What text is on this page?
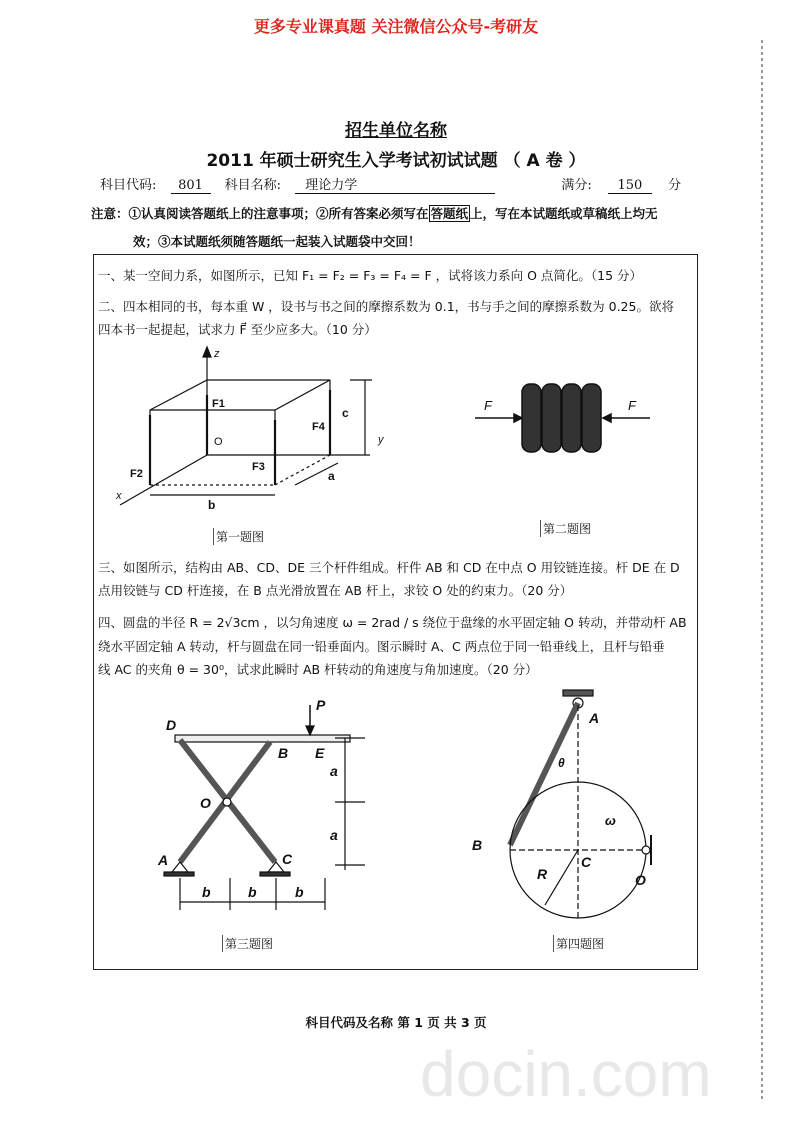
更多专业课真题 关注微信公众号-考研友
docin.com
招生单位名称
2011 年硕士研究生入学考试初试试题 （ A 卷 ）
科目代码: 801 科目名称: 理论力学	满分: 150 分
注意：①认真阅读答题纸上的注意事项；②所有答案必须写在 答题纸 上，写在本试题纸或草稿纸上均无
效；③本试题纸须随答题纸一起装入试题袋中交回！
一、某一空间力系，如图所示，已知 F₁ = F₂ = F₃ = F₄ = F ，试将该力系向 O 点简化。（15 分）
二、四本相同的书，每本重 W ，设书与书之间的摩擦系数为 0.1，书与手之间的摩擦系数为 0.25。欲将
四本书一起提起，试求力 F⃗ 至少应多大。（10 分）
z
F1
c
F4
O	y
F2
F3
a
x
b
第一题图
F	F
第二题图
三、如图所示，结构由 AB、CD、DE 三个杆件组成。杆件 AB 和 CD 在中点 O 用铰链连接。杆 DE 在 D
点用铰链与 CD 杆连接，在 B 点光滑放置在 AB 杆上，求铰 O 处的约束力。（20 分）
四、圆盘的半径 R = 2√3cm ，以匀角速度 ω = 2rad / s 绕位于盘缘的水平固定轴 O 转动，并带动杆 AB
绕水平固定轴 A 转动，杆与圆盘在同一铅垂面内。图示瞬时 A、C 两点位于同一铅垂线上，且杆与铅垂
线 AC 的夹角 θ = 30⁰，试求此瞬时 AB 杆转动的角速度与角加速度。（20 分）
P
D
B E
O
a
a
A	C
b	b	b
第三题图
A
θ
ω
B
C
R	O
第四题图
科目代码及名称 第 1 页 共 3 页
